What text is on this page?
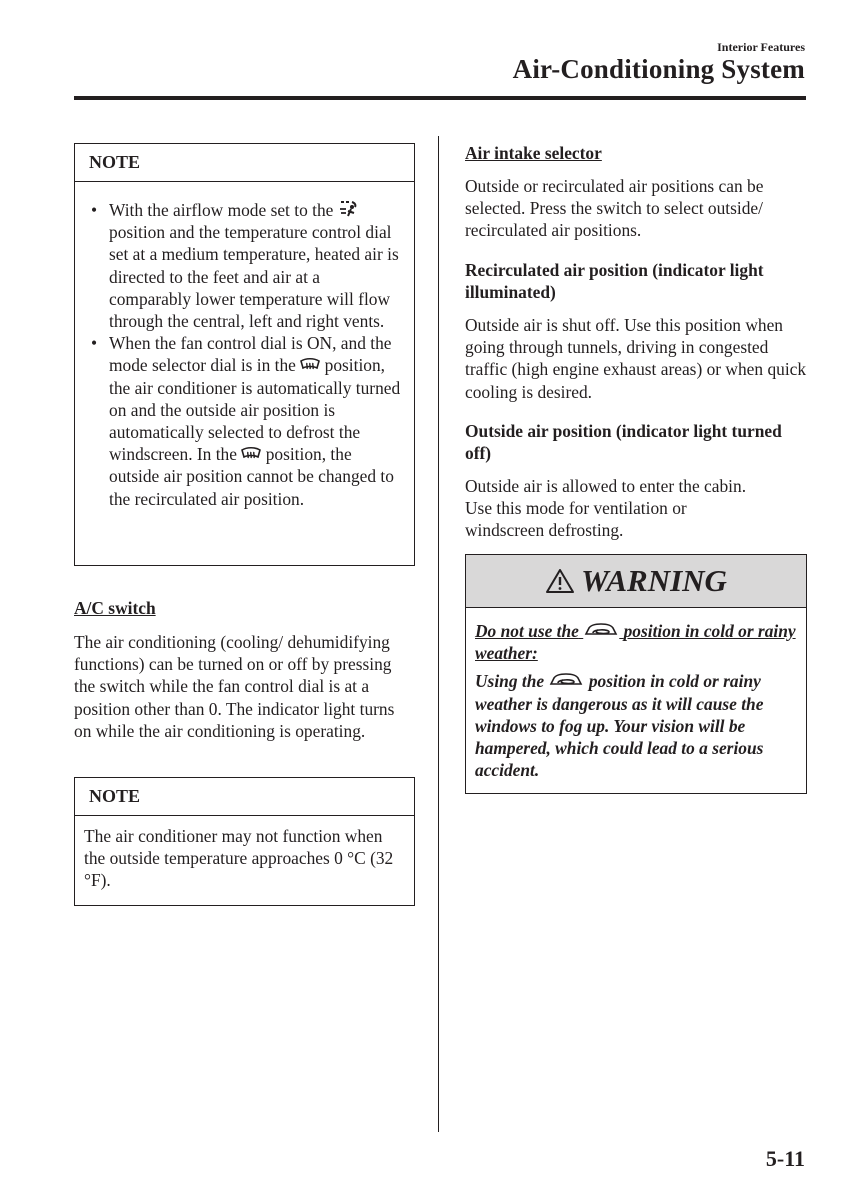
Interior Features
Air-Conditioning System
NOTE
• With the airflow mode set to the  position and the temperature control dial set at a medium temperature, heated air is directed to the feet and air at a comparably lower temperature will flow through the central, left and right vents.
• When the fan control dial is ON, and the mode selector dial is in the position, the air conditioner is automatically turned on and the outside air position is automatically selected to defrost the windscreen. In the position, the outside air position cannot be changed to the recirculated air position.
A/C switch
The air conditioning (cooling/ dehumidifying functions) can be turned on or off by pressing the switch while the fan control dial is at a position other than 0. The indicator light turns on while the air conditioning is operating.
NOTE
The air conditioner may not function when the outside temperature approaches 0 °C (32 °F).
Air intake selector
Outside or recirculated air positions can be selected. Press the switch to select outside/ recirculated air positions.
Recirculated air position (indicator light illuminated)
Outside air is shut off. Use this position when going through tunnels, driving in congested traffic (high engine exhaust areas) or when quick cooling is desired.
Outside air position (indicator light turned off)
Outside air is allowed to enter the cabin. Use this mode for ventilation or windscreen defrosting.
WARNING
Do not use the	position in cold or rainy weather:
Using the	position in cold or rainy weather is dangerous as it will cause the windows to fog up. Your vision will be hampered, which could lead to a serious accident.
5-11
